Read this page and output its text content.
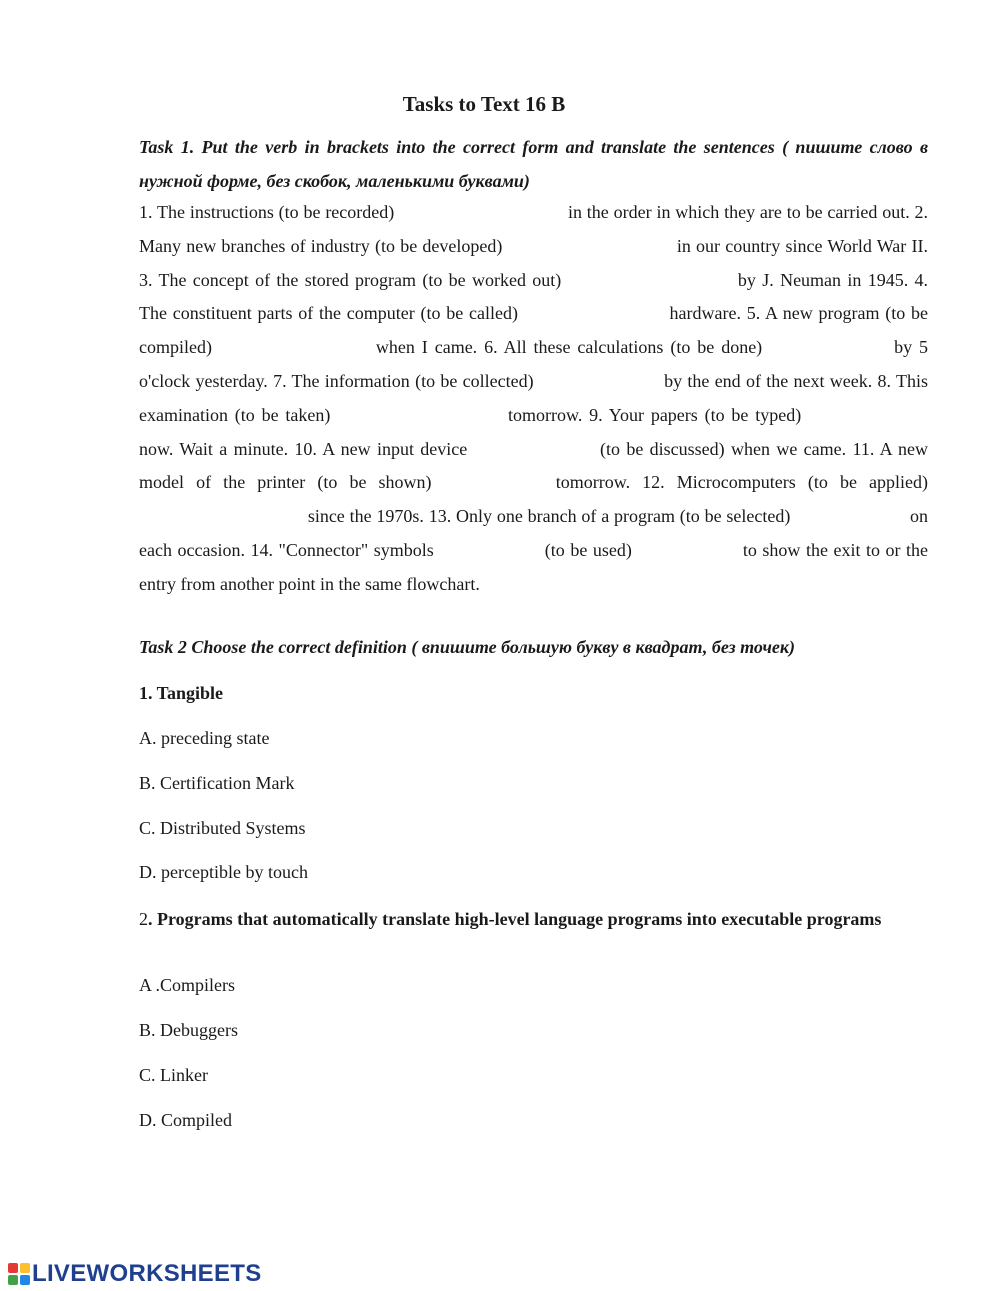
Tasks to Text 16 B

Task 1. Put the verb in brackets into the correct form and translate the sentences ( пишите слово в нужной форме, без скобок, маленькими буквами)

1. The instructions (to be recorded)	in the order in which they are to be carried out. 2. Many new branches of industry (to be developed)	in our country since World War II. 3. The concept of the stored program (to be worked out)	by J. Neuman in 1945. 4. The constituent parts of the computer (to be called)	hardware. 5. A new program (to be compiled)	when I came. 6. All these calculations (to be done)	by 5 o'clock yesterday. 7. The information (to be collected)	by the end of the next week. 8. This examination (to be taken)	tomorrow. 9. Your papers (to be typed)  now. Wait a minute. 10. A new input device	(to be discussed) when we came. 11. A new model of the printer (to be shown)	tomorrow. 12. Microcomputers (to be applied)  since the 1970s. 13. Only one branch of a program (to be selected)	on each occasion. 14. "Connector" symbols	(to be used)	to show the exit to or the entry from another point in the same flowchart.

Task 2 Choose the correct definition ( впишите большую букву в квадрат, без точек)

1. Tangible

A. preceding state

B. Certification Mark

C. Distributed Systems

D. perceptible by touch

2. Programs that automatically translate high-level language programs into executable programs

A .Compilers

B. Debuggers

C. Linker

D. Compiled

LIVEWORKSHEETS
